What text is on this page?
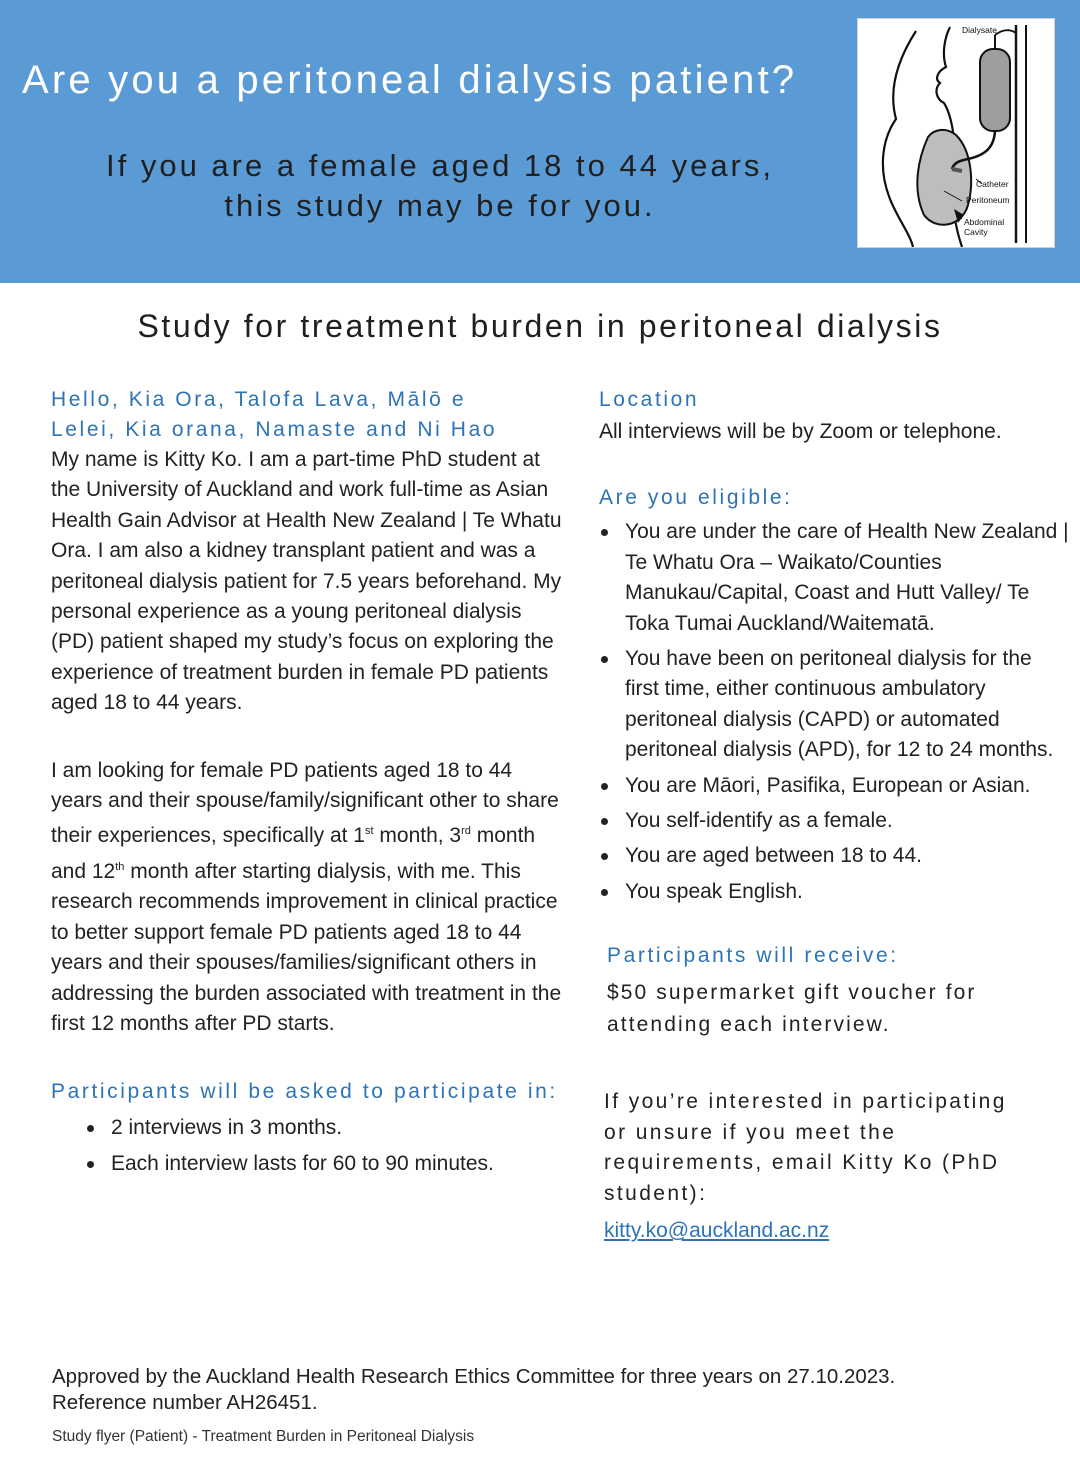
Are you a peritoneal dialysis patient?
If you are a female aged 18 to 44 years,
this study may be for you.
Dialysate
Catheter
Peritoneum
Abdominal
Cavity
Study for treatment burden in peritoneal dialysis
Hello, Kia Ora, Talofa Lava, Mālō e
Lelei, Kia orana, Namaste and Ni Hao
My name is Kitty Ko. I am a part-time PhD student at the University of Auckland and work full-time as Asian Health Gain Advisor at Health New Zealand | Te Whatu Ora. I am also a kidney transplant patient and was a peritoneal dialysis patient for 7.5 years beforehand. My personal experience as a young peritoneal dialysis (PD) patient shaped my study’s focus on exploring the experience of treatment burden in female PD patients aged 18 to 44 years.
I am looking for female PD patients aged 18 to 44 years and their spouse/family/significant other to share their experiences, specifically at 1st month, 3rd month and 12th month after starting dialysis, with me. This research recommends improvement in clinical practice to better support female PD patients aged 18 to 44 years and their spouses/families/significant others in addressing the burden associated with treatment in the first 12 months after PD starts.
Participants will be asked to participate in:
2 interviews in 3 months.
Each interview lasts for 60 to 90 minutes.
Location
All interviews will be by Zoom or telephone.
Are you eligible:
You are under the care of Health New Zealand | Te Whatu Ora – Waikato/Counties Manukau/Capital, Coast and Hutt Valley/ Te Toka Tumai Auckland/Waitematā.
You have been on peritoneal dialysis for the first time, either continuous ambulatory peritoneal dialysis (CAPD) or automated peritoneal dialysis (APD), for 12 to 24 months.
You are Māori, Pasifika, European or Asian.
You self-identify as a female.
You are aged between 18 to 44.
You speak English.
Participants will receive:
$50 supermarket gift voucher for attending each interview.
If you’re interested in participating or unsure if you meet the requirements, email Kitty Ko (PhD student):
kitty.ko@auckland.ac.nz
Approved by the Auckland Health Research Ethics Committee for three years on 27.10.2023.
Reference number AH26451.
Study flyer (Patient) - Treatment Burden in Peritoneal Dialysis
